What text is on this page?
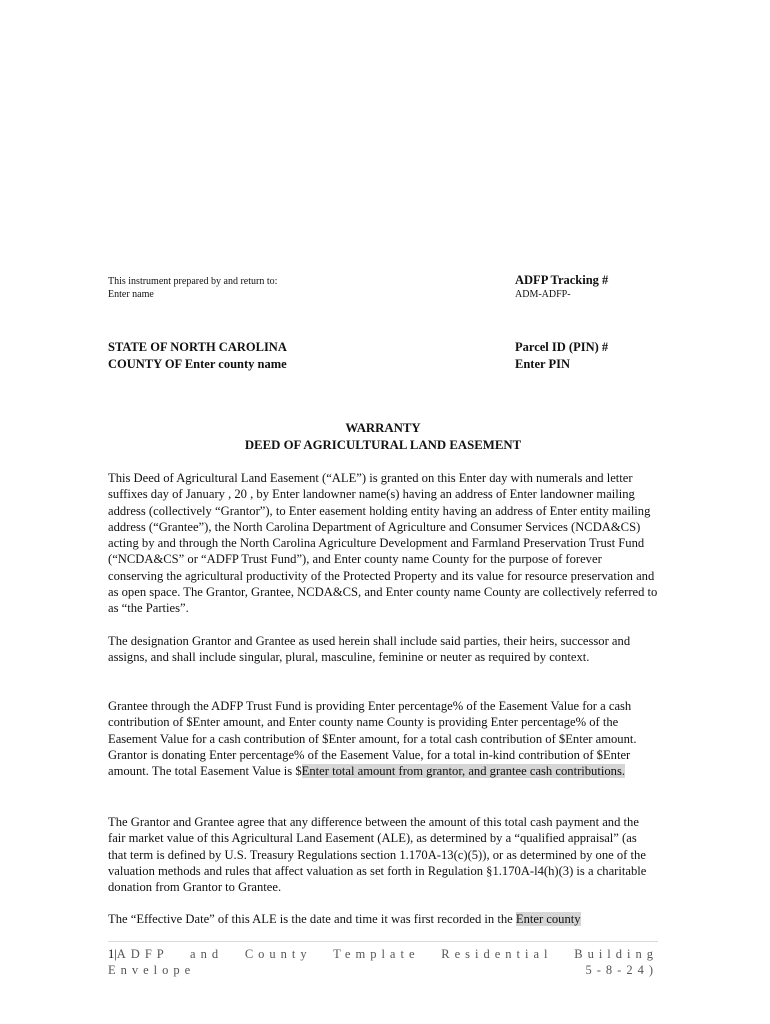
This instrument prepared by and return to:
Enter name
ADFP Tracking #
ADM-ADFP-
STATE OF NORTH CAROLINA
COUNTY OF Enter county name
Parcel ID (PIN) #
Enter PIN
WARRANTY
DEED OF AGRICULTURAL LAND EASEMENT

This Deed of Agricultural Land Easement (“ALE”) is granted on this Enter day with numerals and letter suffixes day of January , 20 , by Enter landowner name(s) having an address of Enter landowner mailing address (collectively “Grantor”), to Enter easement holding entity having an address of Enter entity mailing address (“Grantee”), the North Carolina Department of Agriculture and Consumer Services (NCDA&CS) acting by and through the North Carolina Agriculture Development and Farmland Preservation Trust Fund (“NCDA&CS” or “ADFP Trust Fund”), and Enter county name County for the purpose of forever conserving the agricultural productivity of the Protected Property and its value for resource preservation and as open space. The Grantor, Grantee, NCDA&CS, and Enter county name County are collectively referred to as “the Parties”.

The designation Grantor and Grantee as used herein shall include said parties, their heirs, successor and assigns, and shall include singular, plural, masculine, feminine or neuter as required by context.

Grantee through the ADFP Trust Fund is providing Enter percentage% of the Easement Value for a cash contribution of $Enter amount, and Enter county name County is providing Enter percentage% of the Easement Value for a cash contribution of $Enter amount, for a total cash contribution of $Enter amount. Grantor is donating Enter percentage% of the Easement Value, for a total in-kind contribution of $Enter amount. The total Easement Value is $Enter total amount from grantor, and grantee cash contributions.

The Grantor and Grantee agree that any difference between the amount of this total cash payment and the fair market value of this Agricultural Land Easement (ALE), as determined by a “qualified appraisal” (as that term is defined by U.S. Treasury Regulations section 1.170A-13(c)(5)), or as determined by one of the valuation methods and rules that affect valuation as set forth in Regulation §1.170A-l4(h)(3) is a charitable donation from Grantor to Grantee.

The “Effective Date” of this ALE is the date and time it was first recorded in the Enter county

1|ADFP and County Template Residential Building Envelope	5-8-24)
